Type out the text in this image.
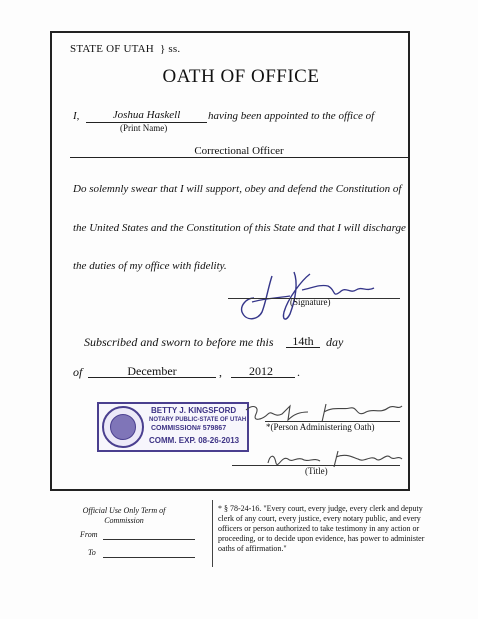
STATE OF UTAH } ss.
OATH OF OFFICE
I,	Joshua Haskell
(Print Name)
having been appointed to the office of
Correctional Officer
Do solemnly swear that I will support, obey and defend the Constitution of
the United States and the Constitution of this State and that I will discharge
the duties of my office with fidelity.
(Signature)
Subscribed and sworn to before me this	14th	day
of	December	,	2012	.
BETTY J. KINGSFORD
NOTARY PUBLIC-STATE OF UTAH
COMMISSION# 579867
COMM. EXP. 08-26-2013
*(Person Administering Oath)
(Title)
Official Use Only Term of Commission
From
To
* § 78-24-16. "Every court, every judge, every clerk and deputy clerk of any court, every justice, every notary public, and every officers or person authorized to take testimony in any action or proceeding, or to decide upon evidence, has power to administer oaths of affirmation."
